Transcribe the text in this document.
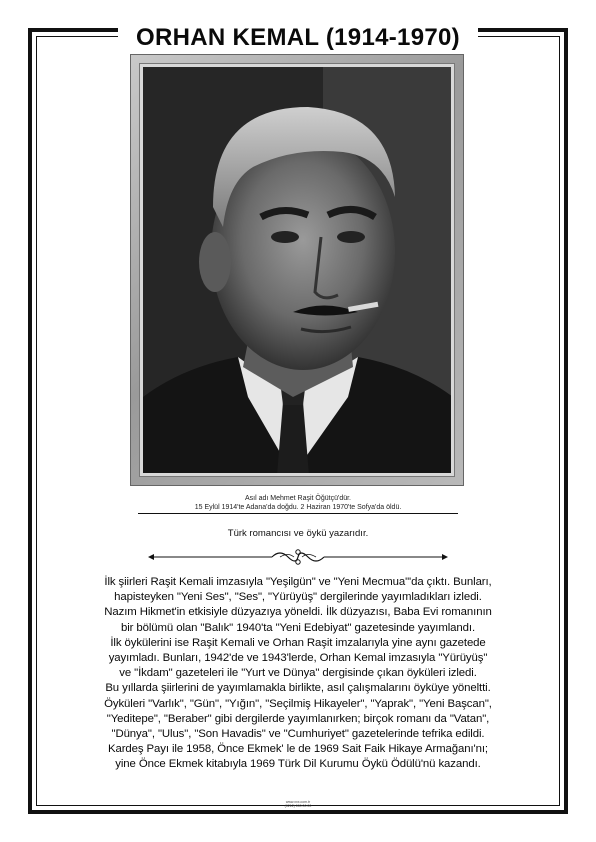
ORHAN KEMAL (1914-1970)
Asıl adı Mehmet Raşit Öğütçü'dür.
15 Eylül 1914'te Adana'da doğdu. 2 Haziran 1970'te Sofya'da öldü.
Türk romancısı ve öykü yazarıdır.

İlk şiirleri Raşit Kemali imzasıyla "Yeşilgün" ve "Yeni Mecmua"'da çıktı. Bunları,

hapisteyken "Yeni Ses", "Ses", "Yürüyüş" dergilerinde yayımladıkları izledi.

Nazım Hikmet'in etkisiyle düzyazıya yöneldi. İlk düzyazısı, Baba Evi romanının

bir bölümü olan "Balık" 1940'ta "Yeni Edebiyat" gazetesinde yayımlandı.

İlk öykülerini ise Raşit Kemali ve Orhan Raşit imzalarıyla yine aynı gazetede

yayımladı. Bunları, 1942'de ve 1943'lerde, Orhan Kemal imzasıyla "Yürüyüş"

ve "İkdam" gazeteleri ile "Yurt ve Dünya" dergisinde çıkan öyküleri izledi.

Bu yıllarda şiirlerini de yayımlamakla birlikte, asıl çalışmalarını öyküye yöneltti.

Öyküleri "Varlık", "Gün", "Yığın", "Seçilmiş Hikayeler", "Yaprak", "Yeni Başcan",

"Yeditepe", "Beraber" gibi dergilerde yayımlanırken; birçok romanı da "Vatan",

"Dünya", "Ulus", "Son Havadis" ve "Cumhuriyet" gazetelerinde tefrika edildi.

Kardeş Payı ile 1958, Önce Ekmek' le de 1969 Sait Faik Hikaye Armağanı'nı;

yine Önce Ekmek kitabıyla 1969 Türk Dil Kurumu Öykü Ödülü'nü kazandı.

www.xxx.com.tr
(0212) 000 00 00
